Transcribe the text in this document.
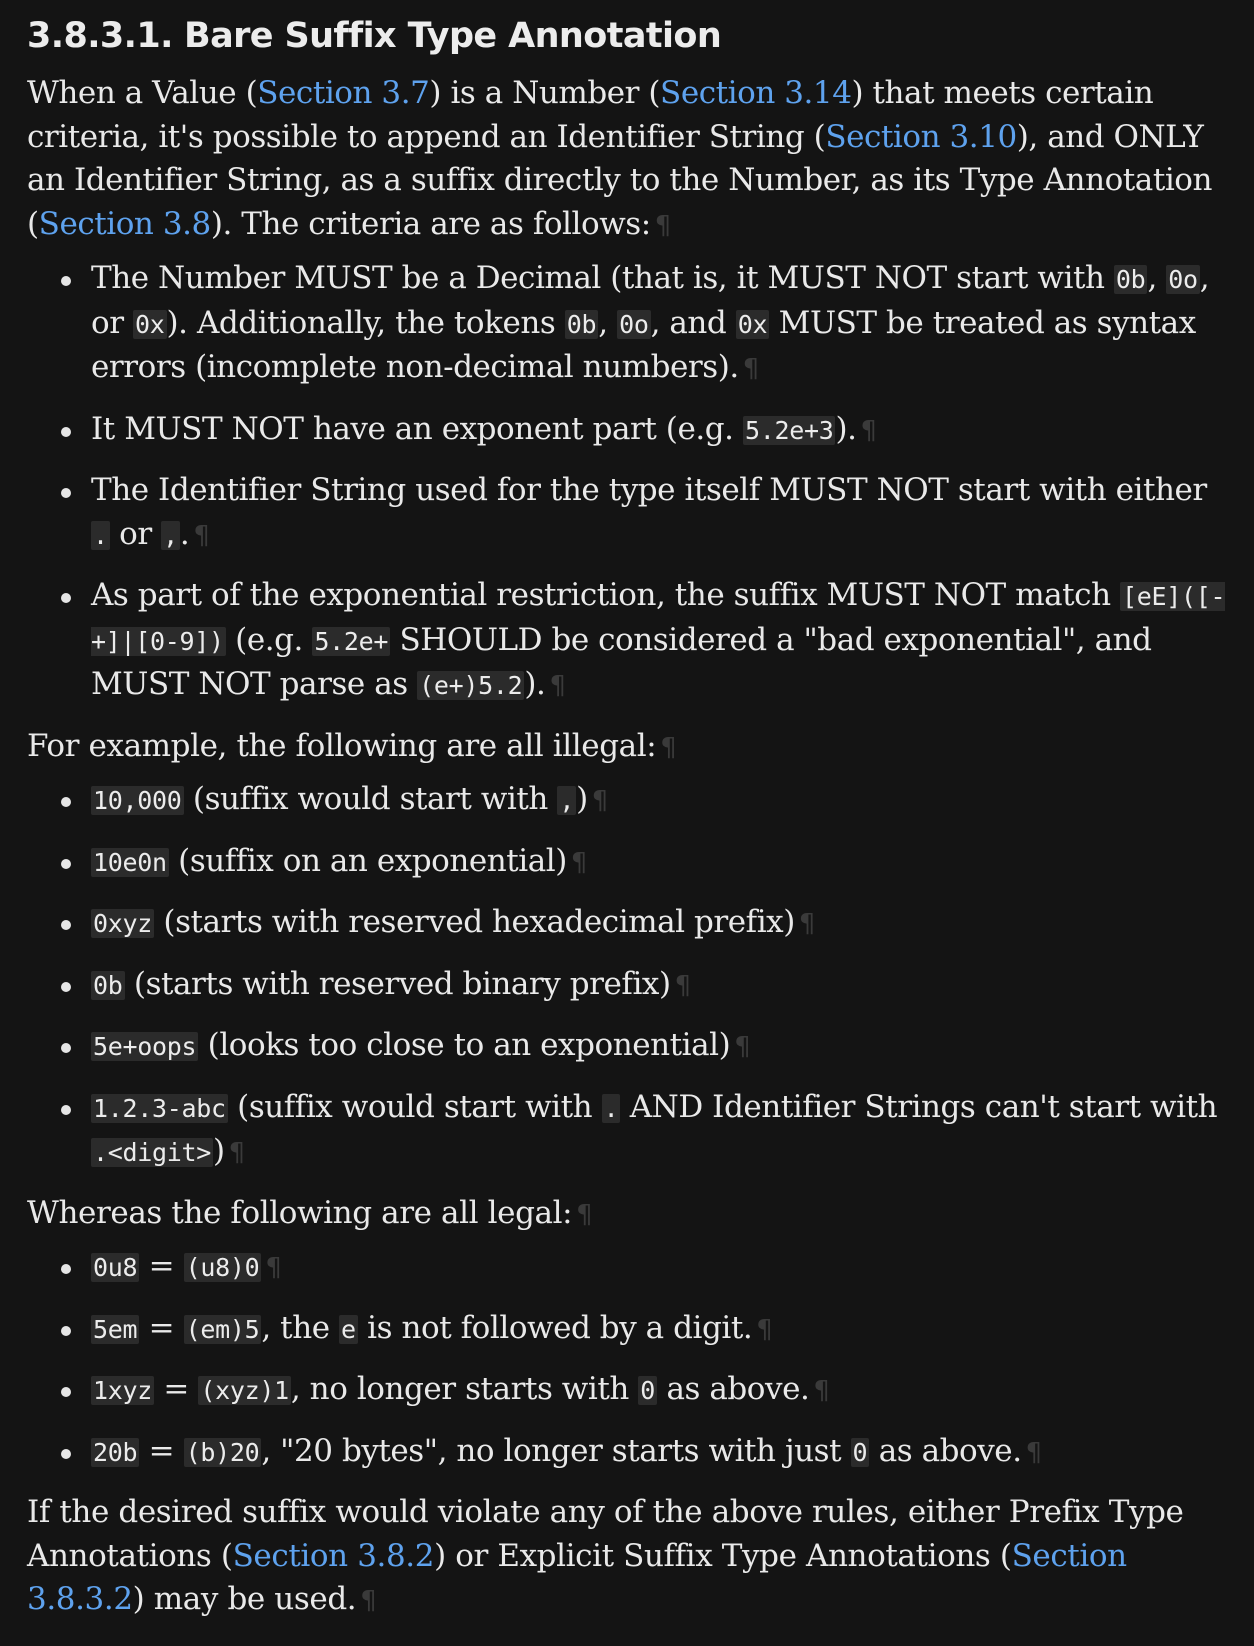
3.8.3.1. Bare Suffix Type Annotation

When a Value (Section 3.7) is a Number (Section 3.14) that meets certain criteria, it's possible to append an Identifier String (Section 3.10), and ONLY an Identifier String, as a suffix directly to the Number, as its Type Annotation (Section 3.8). The criteria are as follows: ¶

The Number MUST be a Decimal (that is, it MUST NOT start with 0b, 0o, or 0x). Additionally, the tokens 0b, 0o, and 0x MUST be treated as syntax errors (incomplete non-decimal numbers). ¶
It MUST NOT have an exponent part (e.g. 5.2e+3). ¶
The Identifier String used for the type itself MUST NOT start with either . or ,. ¶
As part of the exponential restriction, the suffix MUST NOT match [eE]([-+]|[0-9]) (e.g. 5.2e+ SHOULD be considered a "bad exponential", and MUST NOT parse as (e+)5.2). ¶

For example, the following are all illegal: ¶

10,000 (suffix would start with ,) ¶
10e0n (suffix on an exponential) ¶
0xyz (starts with reserved hexadecimal prefix) ¶
0b (starts with reserved binary prefix) ¶
5e+oops (looks too close to an exponential) ¶
1.2.3-abc (suffix would start with . AND Identifier Strings can't start with .<digit>) ¶

Whereas the following are all legal: ¶

0u8 = (u8)0 ¶
5em = (em)5, the e is not followed by a digit. ¶
1xyz = (xyz)1, no longer starts with 0 as above. ¶
20b = (b)20, "20 bytes", no longer starts with just 0 as above. ¶

If the desired suffix would violate any of the above rules, either Prefix Type Annotations (Section 3.8.2) or Explicit Suffix Type Annotations (Section 3.8.3.2) may be used. ¶
